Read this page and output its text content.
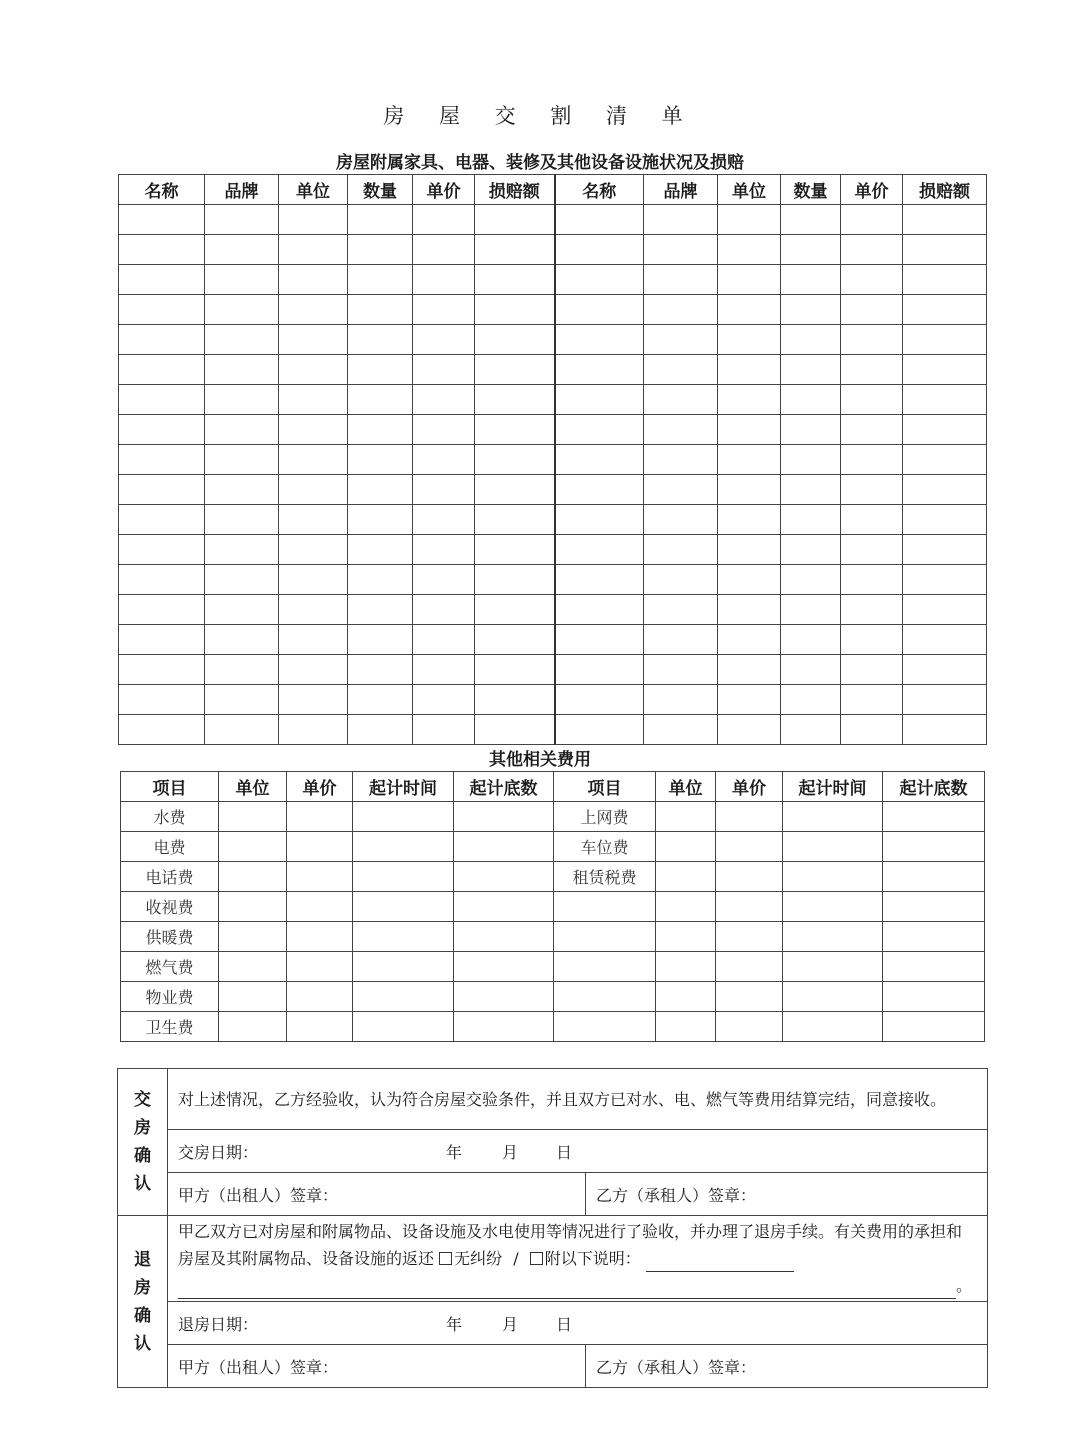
房 屋 交 割 清 单
房屋附属家具、电器、装修及其他设备设施状况及损赔
名称	品牌	单位	数量	单价	损赔额	名称	品牌	单位	数量	单价	损赔额

其他相关费用
项目	单位	单价	起计时间	起计底数	项目	单位	单价	起计时间	起计底数
水费					上网费				
电费					车位费				
电话费					租赁税费				
收视费									
供暖费									
燃气费									
物业费									
卫生费									
交
房
确
认	对上述情况，乙方经验收，认为符合房屋交验条件，并且双方已对水、电、燃气等费用结算完结，同意接收。	
	交房日期： 年 月 日	
	甲方（出租人）签章：	乙方（承租人）签章：

退
房
确
认	甲乙双方已对房屋和附属物品、设备设施及水电使用等情况进行了验收，并办理了退房手续。有关费用的承担和房屋及其附属物品、设备设施的返还 无纠纷 / 附以下说明：
。	
	退房日期： 年 月 日	
	甲方（出租人）签章：	乙方（承租人）签章：
